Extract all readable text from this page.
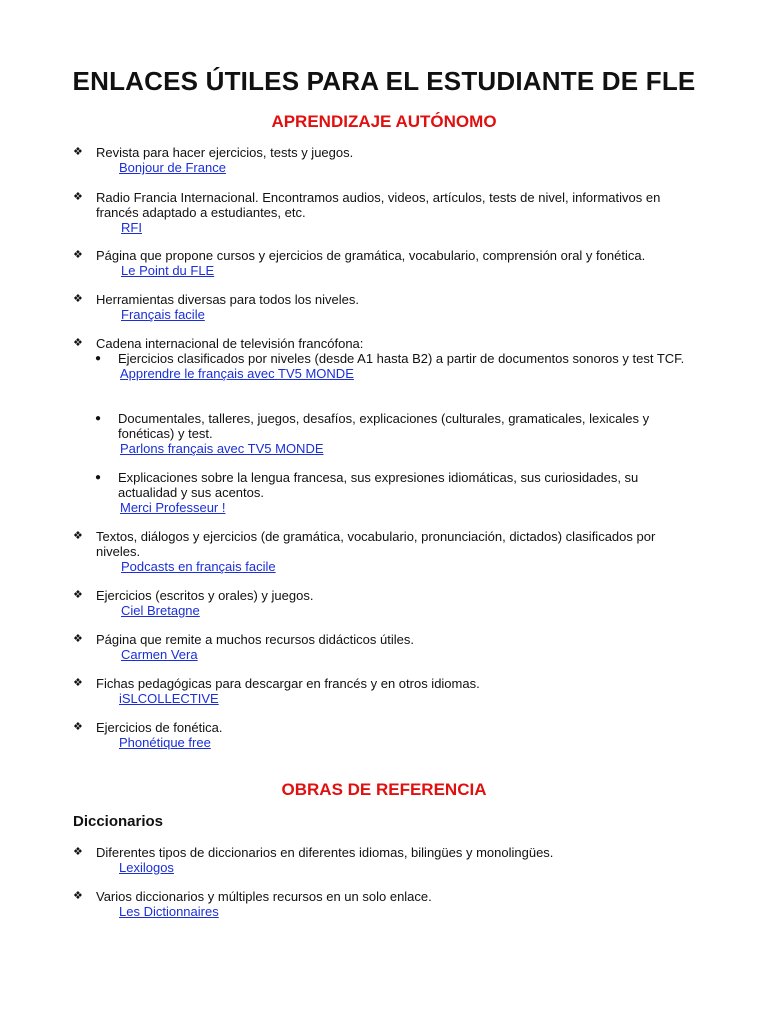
ENLACES ÚTILES PARA EL ESTUDIANTE DE FLE
APRENDIZAJE AUTÓNOMO
❖	Revista para hacer ejercicios, tests y juegos.
Bonjour de France
❖	Radio Francia Internacional. Encontramos audios, videos, artículos, tests de nivel, informativos en francés adaptado a estudiantes, etc.
RFI
❖	Página que propone cursos y ejercicios de gramática, vocabulario, comprensión oral y fonética.
Le Point du FLE
❖	Herramientas diversas para todos los niveles.
Français facile
❖	Cadena internacional de televisión francófona:
●	Ejercicios clasificados por niveles (desde A1 hasta B2) a partir de documentos sonoros y test TCF.
Apprendre le français avec TV5 MONDE
●	Documentales, talleres, juegos, desafíos, explicaciones (culturales, gramaticales, lexicales y fonéticas) y test.
Parlons français avec TV5 MONDE
●	Explicaciones sobre la lengua francesa, sus expresiones idiomáticas, sus curiosidades, su actualidad y sus acentos.
Merci Professeur !
❖	Textos, diálogos y ejercicios (de gramática, vocabulario, pronunciación, dictados) clasificados por niveles.
Podcasts en français facile
❖	Ejercicios (escritos y orales) y juegos.
Ciel Bretagne
❖	Página que remite a muchos recursos didácticos útiles.
Carmen Vera
❖	Fichas pedagógicas para descargar en francés y en otros idiomas.
iSLCOLLECTIVE
❖	Ejercicios de fonética.
Phonétique free
OBRAS DE REFERENCIA
Diccionarios
❖	Diferentes tipos de diccionarios en diferentes idiomas, bilingües y monolingües.
Lexilogos
❖	Varios diccionarios y múltiples recursos en un solo enlace.
Les Dictionnaires
